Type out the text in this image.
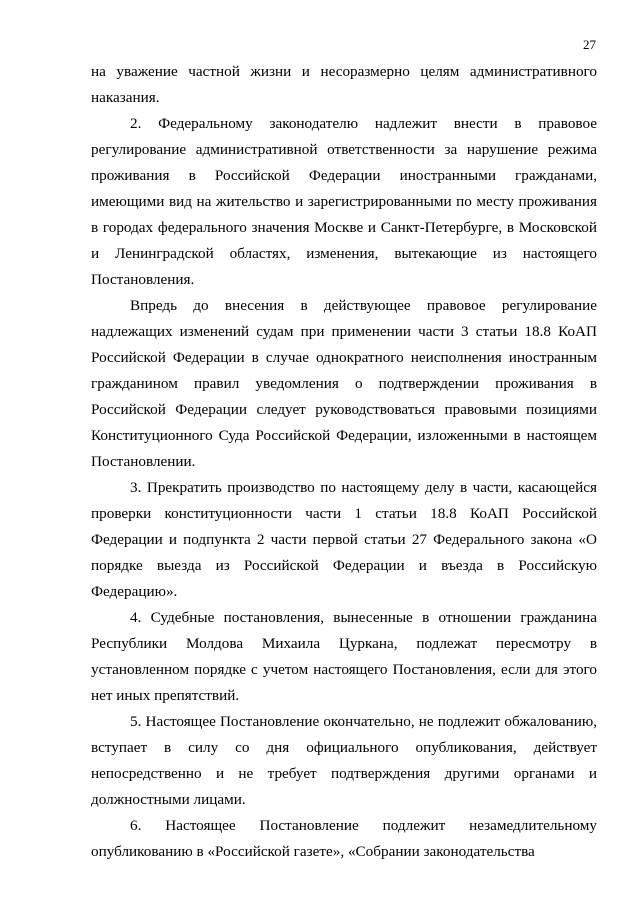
27

на уважение частной жизни и несоразмерно целям административного наказания.

2. Федеральному законодателю надлежит внести в правовое регулирование административной ответственности за нарушение режима проживания в Российской Федерации иностранными гражданами, имеющими вид на жительство и зарегистрированными по месту проживания в городах федерального значения Москве и Санкт-Петербурге, в Московской и Ленинградской областях, изменения, вытекающие из настоящего Постановления.

Впредь до внесения в действующее правовое регулирование надлежащих изменений судам при применении части 3 статьи 18.8 КоАП Российской Федерации в случае однократного неисполнения иностранным гражданином правил уведомления о подтверждении проживания в Российской Федерации следует руководствоваться правовыми позициями Конституционного Суда Российской Федерации, изложенными в настоящем Постановлении.

3. Прекратить производство по настоящему делу в части, касающейся проверки конституционности части 1 статьи 18.8 КоАП Российской Федерации и подпункта 2 части первой статьи 27 Федерального закона «О порядке выезда из Российской Федерации и въезда в Российскую Федерацию».

4. Судебные постановления, вынесенные в отношении гражданина Республики Молдова Михаила Цуркана, подлежат пересмотру в установленном порядке с учетом настоящего Постановления, если для этого нет иных препятствий.

5. Настоящее Постановление окончательно, не подлежит обжалованию, вступает в силу со дня официального опубликования, действует непосредственно и не требует подтверждения другими органами и должностными лицами.

6. Настоящее Постановление подлежит незамедлительному опубликованию в «Российской газете», «Собрании законодательства
